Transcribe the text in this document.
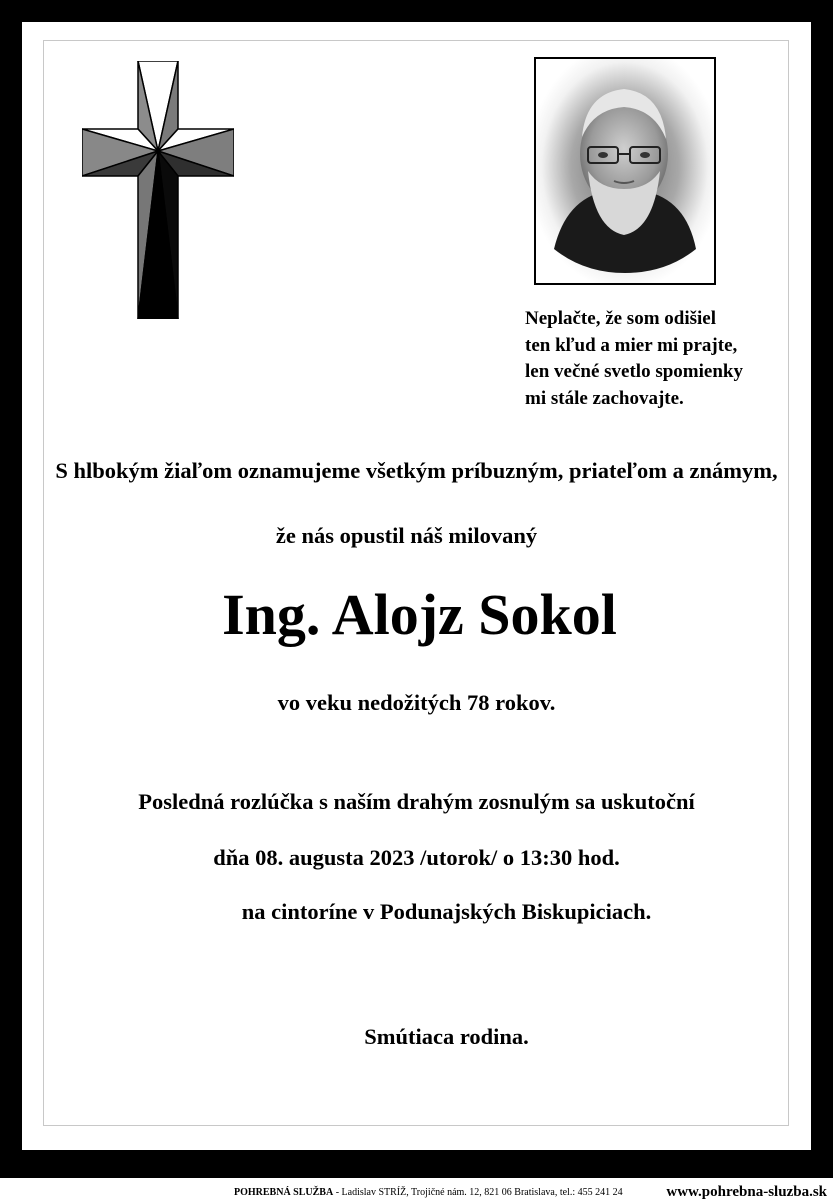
Neplačte, že som odišiel
ten kľud a mier mi prajte,
len večné svetlo spomienky
mi stále zachovajte.
S hlbokým žiaľom oznamujeme všetkým príbuzným, priateľom a známym,
že nás opustil náš milovaný
Ing. Alojz Sokol
vo veku nedožitých 78 rokov.
Posledná rozlúčka s naším drahým zosnulým sa uskutoční
dňa 08. augusta 2023 /utorok/ o 13:30 hod.
na cintoríne v Podunajských Biskupiciach.
Smútiaca rodina.
POHREBNÁ SLUŽBA - Ladislav STRÍŽ, Trojičné nám. 12, 821 06 Bratislava, tel.: 455 241 24	www.pohrebna-sluzba.sk
